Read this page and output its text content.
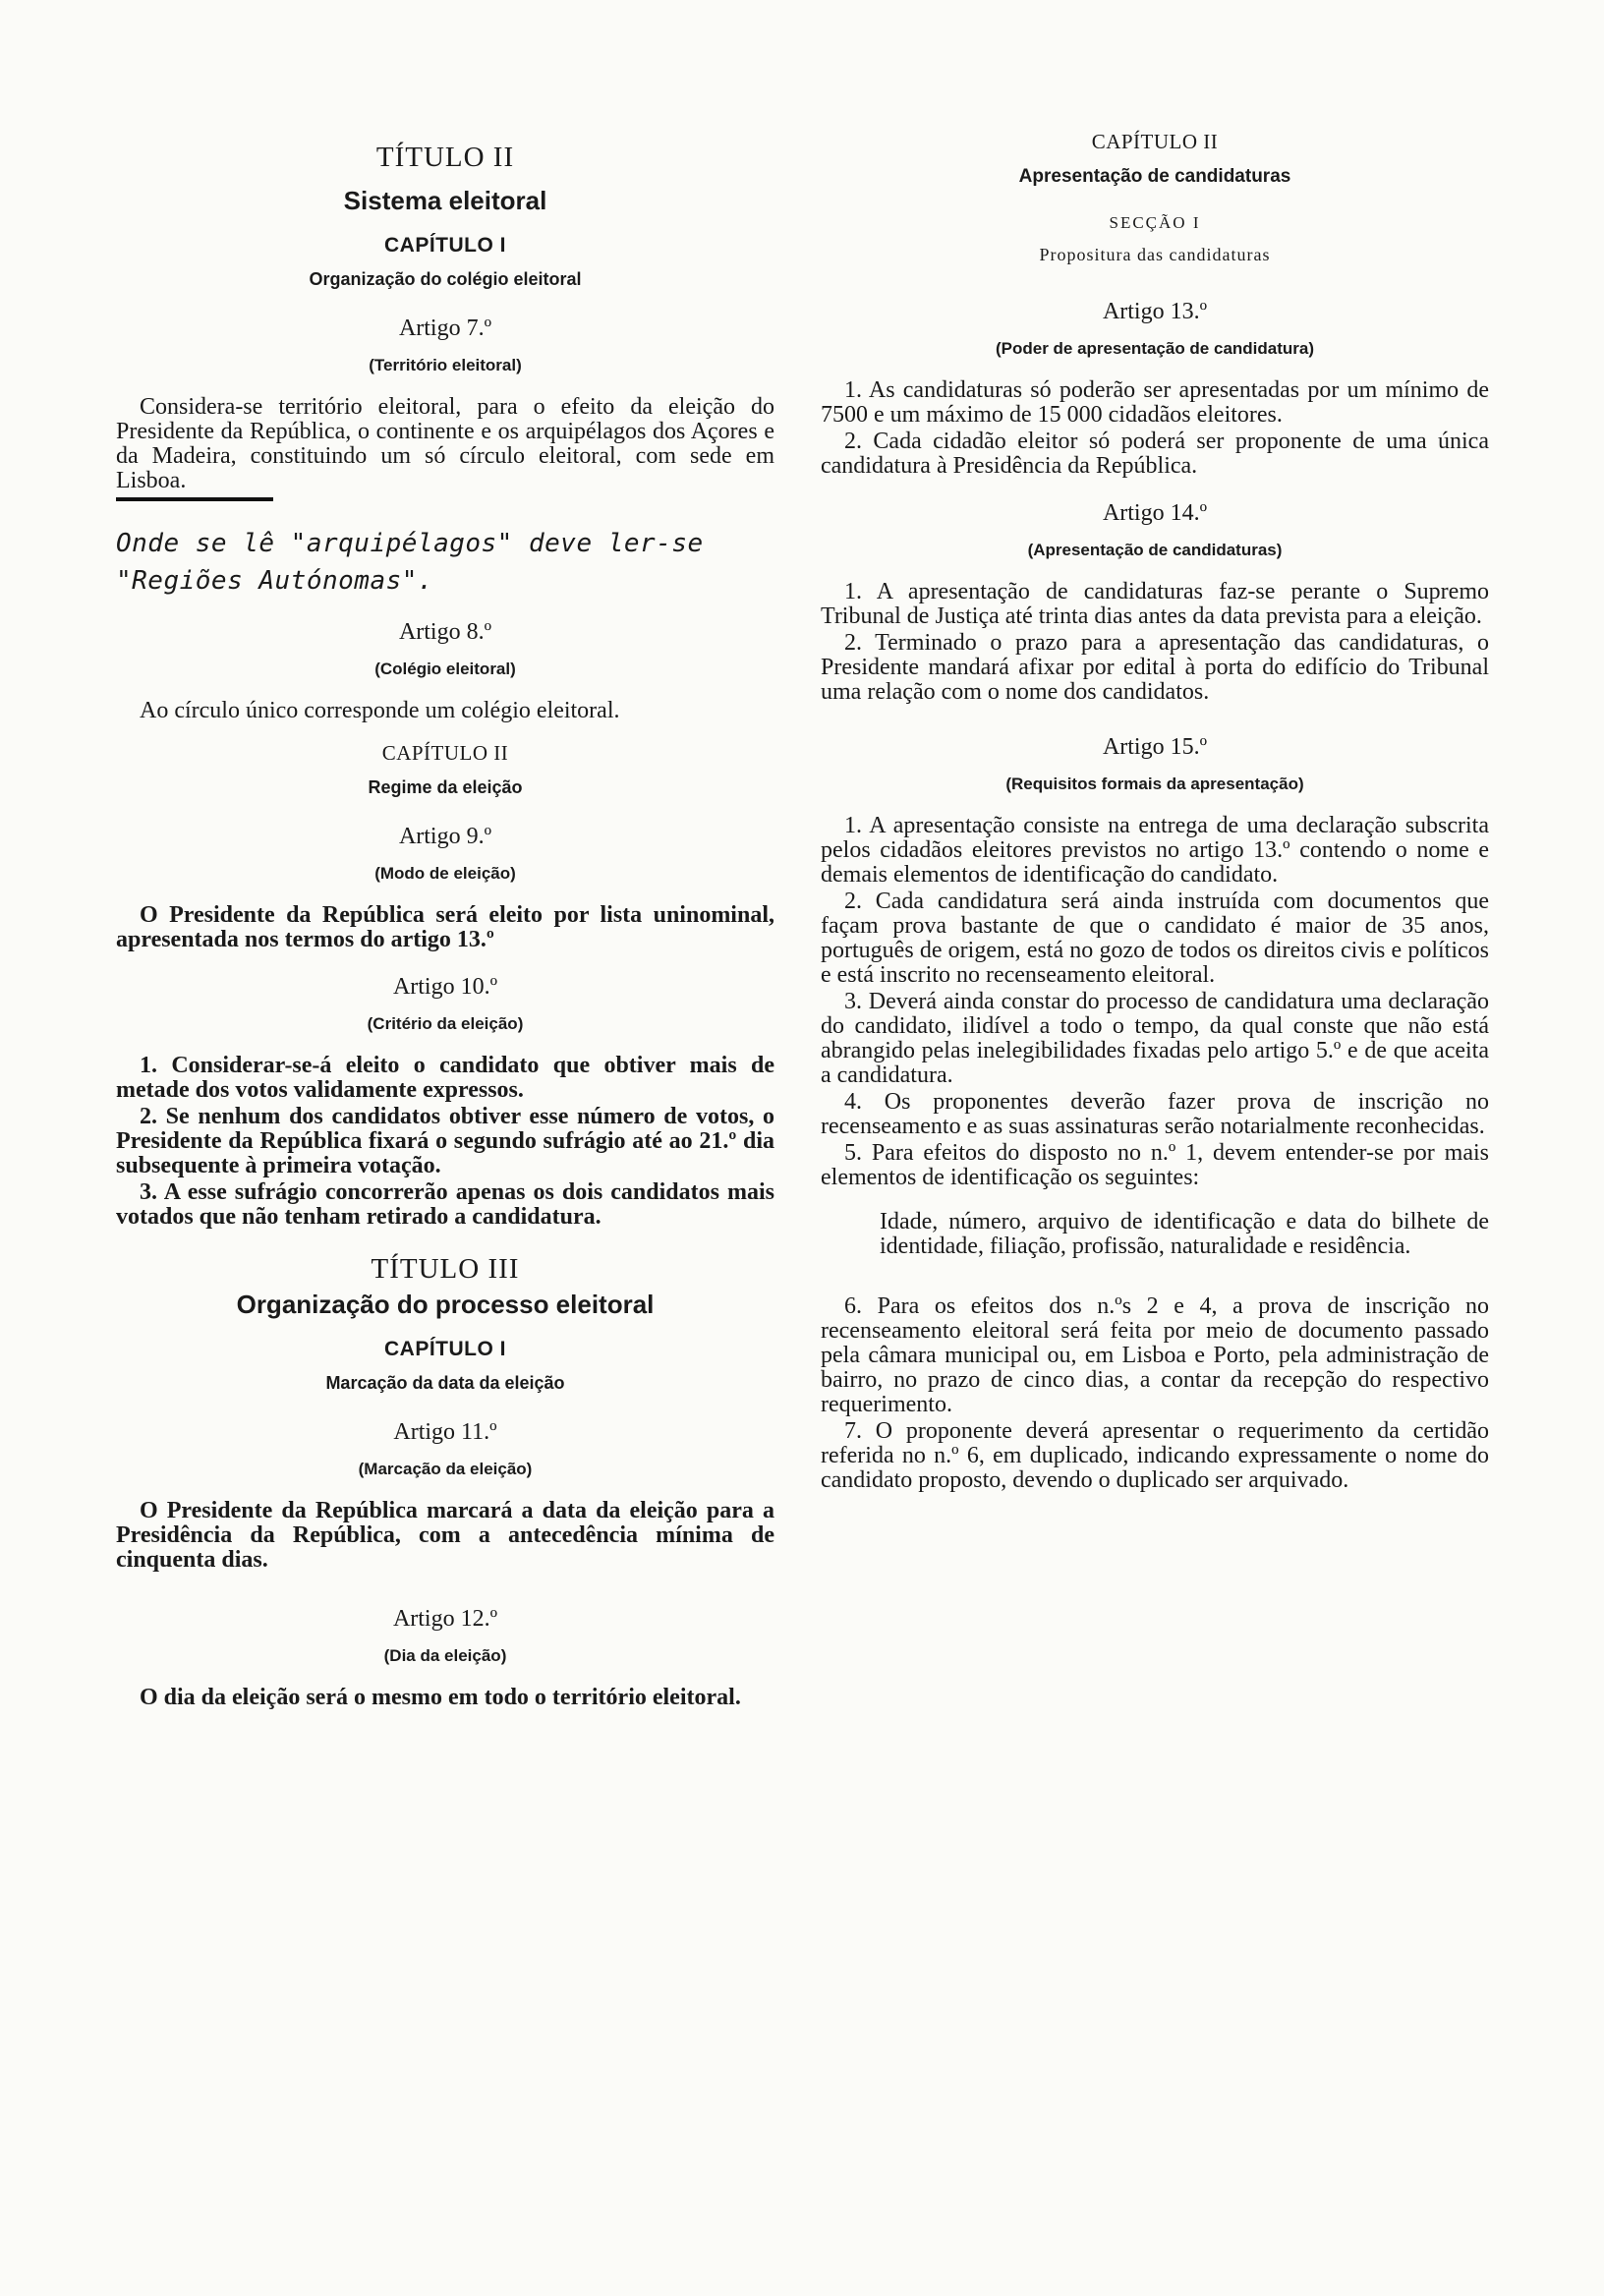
TÍTULO II
Sistema eleitoral
CAPÍTULO I
Organização do colégio eleitoral
Artigo 7.º
(Território eleitoral)

Considera-se território eleitoral, para o efeito da eleição do Presidente da República, o continente e os arquipélagos dos Açores e da Madeira, constituindo um só círculo eleitoral, com sede em Lisboa.

Onde se lê "arquipélagos" deve ler-se
"Regiões Autónomas".
Artigo 8.º
(Colégio eleitoral)

Ao círculo único corresponde um colégio eleitoral.

CAPÍTULO II
Regime da eleição
Artigo 9.º
(Modo de eleição)

O Presidente da República será eleito por lista uninominal, apresentada nos termos do artigo 13.º

Artigo 10.º
(Critério da eleição)

1. Considerar-se-á eleito o candidato que obtiver mais de metade dos votos validamente expressos.

2. Se nenhum dos candidatos obtiver esse número de votos, o Presidente da República fixará o segundo sufrágio até ao 21.º dia subsequente à primeira votação.

3. A esse sufrágio concorrerão apenas os dois candidatos mais votados que não tenham retirado a candidatura.

TÍTULO III
Organização do processo eleitoral
CAPÍTULO I
Marcação da data da eleição
Artigo 11.º
(Marcação da eleição)

O Presidente da República marcará a data da eleição para a Presidência da República, com a antecedência mínima de cinquenta dias.

Artigo 12.º
(Dia da eleição)

O dia da eleição será o mesmo em todo o território eleitoral.

CAPÍTULO II
Apresentação de candidaturas
SECÇÃO I
Propositura das candidaturas
Artigo 13.º
(Poder de apresentação de candidatura)

1. As candidaturas só poderão ser apresentadas por um mínimo de 7500 e um máximo de 15 000 cidadãos eleitores.

2. Cada cidadão eleitor só poderá ser proponente de uma única candidatura à Presidência da República.

Artigo 14.º
(Apresentação de candidaturas)

1. A apresentação de candidaturas faz-se perante o Supremo Tribunal de Justiça até trinta dias antes da data prevista para a eleição.

2. Terminado o prazo para a apresentação das candidaturas, o Presidente mandará afixar por edital à porta do edifício do Tribunal uma relação com o nome dos candidatos.

Artigo 15.º
(Requisitos formais da apresentação)

1. A apresentação consiste na entrega de uma declaração subscrita pelos cidadãos eleitores previstos no artigo 13.º contendo o nome e demais elementos de identificação do candidato.

2. Cada candidatura será ainda instruída com documentos que façam prova bastante de que o candidato é maior de 35 anos, português de origem, está no gozo de todos os direitos civis e políticos e está inscrito no recenseamento eleitoral.

3. Deverá ainda constar do processo de candidatura uma declaração do candidato, ilidível a todo o tempo, da qual conste que não está abrangido pelas inelegibilidades fixadas pelo artigo 5.º e de que aceita a candidatura.

4. Os proponentes deverão fazer prova de inscrição no recenseamento e as suas assinaturas serão notarialmente reconhecidas.

5. Para efeitos do disposto no n.º 1, devem entender-se por mais elementos de identificação os seguintes:

Idade, número, arquivo de identificação e data do bilhete de identidade, filiação, profissão, naturalidade e residência.

6. Para os efeitos dos n.ºs 2 e 4, a prova de inscrição no recenseamento eleitoral será feita por meio de documento passado pela câmara municipal ou, em Lisboa e Porto, pela administração de bairro, no prazo de cinco dias, a contar da recepção do respectivo requerimento.

7. O proponente deverá apresentar o requerimento da certidão referida no n.º 6, em duplicado, indicando expressamente o nome do candidato proposto, devendo o duplicado ser arquivado.
